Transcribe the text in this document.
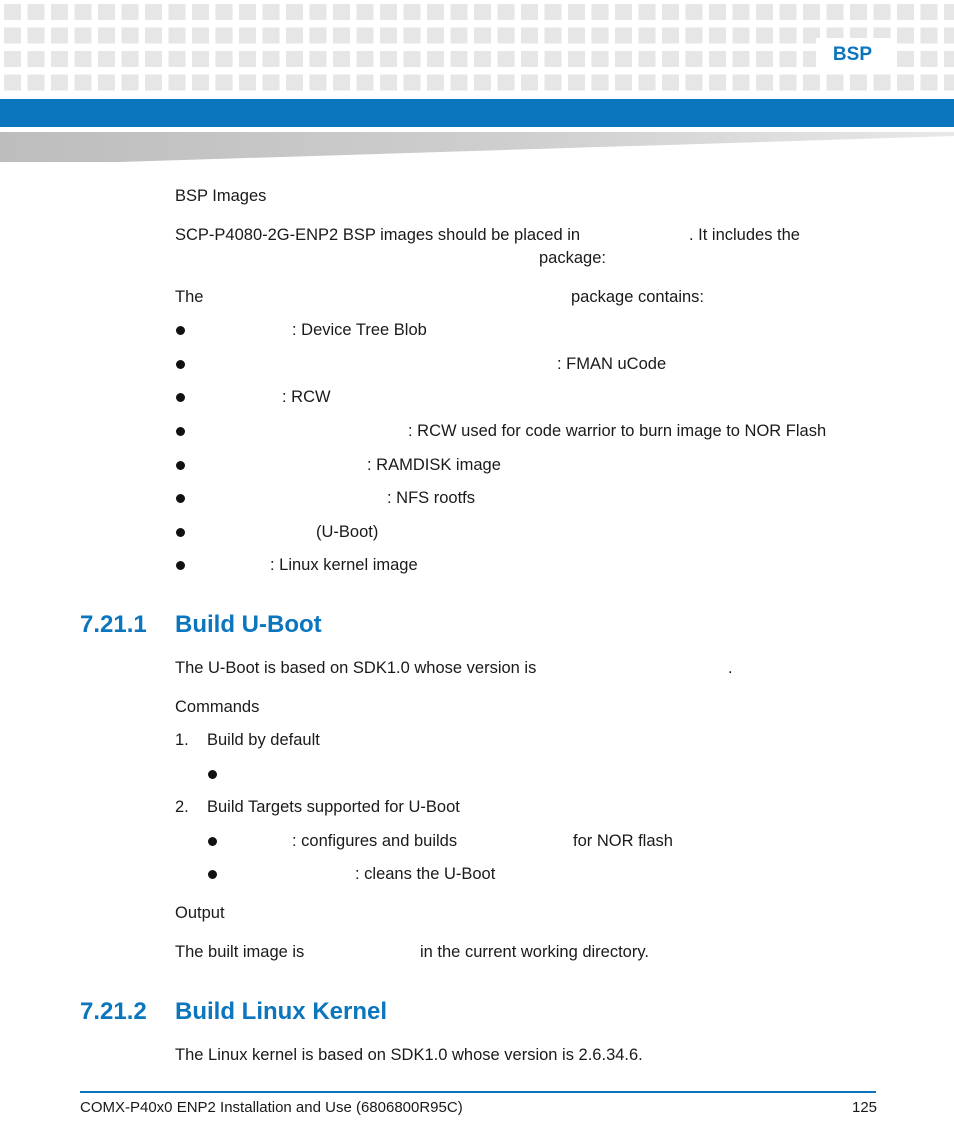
BSP
BSP Images
SCP-P4080-2G-ENP2 BSP images should be placed in	. It includes the
package:
The	package contains:
: Device Tree Blob
: FMAN uCode
: RCW
: RCW used for code warrior to burn image to NOR Flash
: RAMDISK image
: NFS rootfs
(U-Boot)
: Linux kernel image
7.21.1 Build U-Boot
The U-Boot is based on SDK1.0 whose version is	.
Commands
1. Build by default
2. Build Targets supported for U-Boot
: configures and builds	for NOR flash
: cleans the U-Boot
Output
The built image is	in the current working directory.
7.21.2 Build Linux Kernel
The Linux kernel is based on SDK1.0 whose version is 2.6.34.6.
COMX-P40x0 ENP2 Installation and Use (6806800R95C)	125
